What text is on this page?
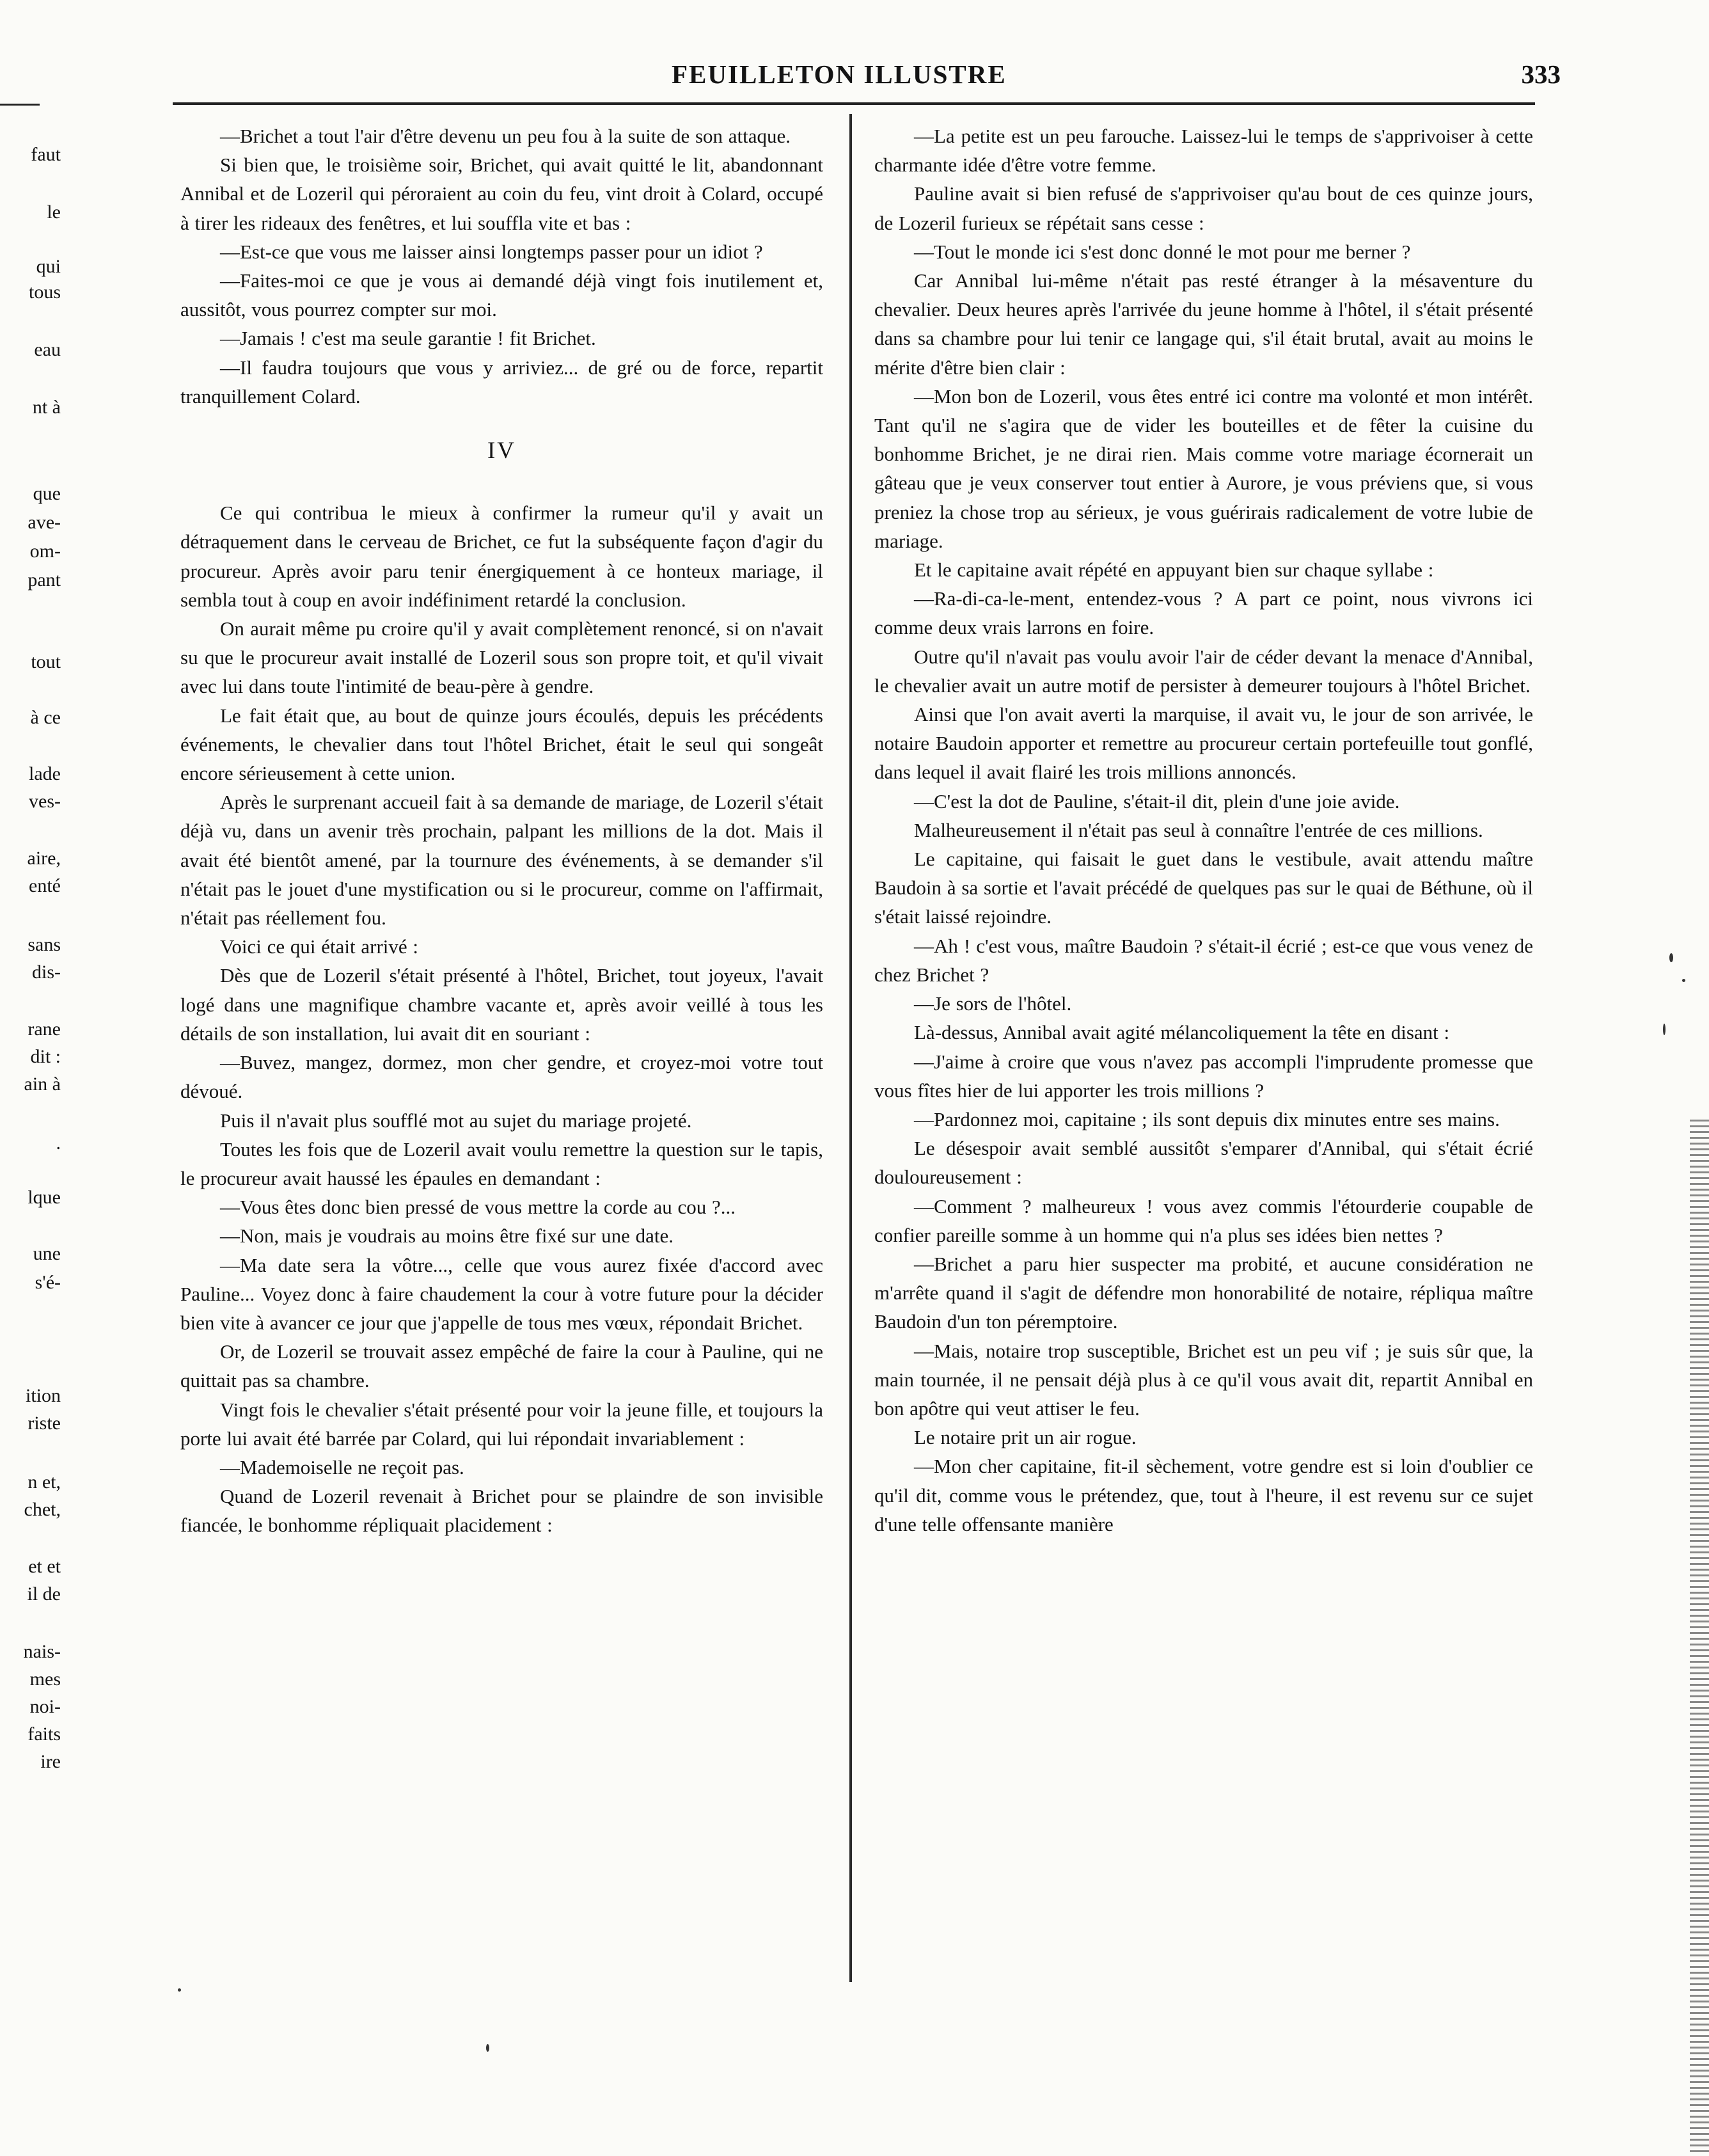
FEUILLETON ILLUSTRE	333
faut
le
qui
tous
eau
nt à
que
ave-
om-
pant
tout
à ce
lade
ves-
aire,
enté
sans
dis-
rane
dit :
ain à
.
lque
une
s'é-
ition
riste
n et,
chet,
et et
il de
nais-
mes
noi-
faits
ire

—Brichet a tout l'air d'être devenu un peu fou à la suite de son attaque.

Si bien que, le troisième soir, Brichet, qui avait quitté le lit, abandonnant Annibal et de Lozeril qui péroraient au coin du feu, vint droit à Colard, occupé à tirer les rideaux des fenêtres, et lui souffla vite et bas :

—Est-ce que vous me laisser ainsi longtemps passer pour un idiot ?

—Faites-moi ce que je vous ai demandé déjà vingt fois inutilement et, aussitôt, vous pourrez compter sur moi.

—Jamais ! c'est ma seule garantie ! fit Brichet.

—Il faudra toujours que vous y arriviez... de gré ou de force, repartit tranquillement Colard.

IV

Ce qui contribua le mieux à confirmer la rumeur qu'il y avait un détraquement dans le cerveau de Brichet, ce fut la subséquente façon d'agir du procureur. Après avoir paru tenir énergiquement à ce honteux mariage, il sembla tout à coup en avoir indéfiniment retardé la conclusion.

On aurait même pu croire qu'il y avait complètement renoncé, si on n'avait su que le procureur avait installé de Lozeril sous son propre toit, et qu'il vivait avec lui dans toute l'intimité de beau-père à gendre.

Le fait était que, au bout de quinze jours écoulés, depuis les précédents événements, le chevalier dans tout l'hôtel Brichet, était le seul qui songeât encore sérieusement à cette union.

Après le surprenant accueil fait à sa demande de mariage, de Lozeril s'était déjà vu, dans un avenir très prochain, palpant les millions de la dot. Mais il avait été bientôt amené, par la tournure des événements, à se demander s'il n'était pas le jouet d'une mystification ou si le procureur, comme on l'affirmait, n'était pas réellement fou.

Voici ce qui était arrivé :

Dès que de Lozeril s'était présenté à l'hôtel, Brichet, tout joyeux, l'avait logé dans une magnifique chambre vacante et, après avoir veillé à tous les détails de son installation, lui avait dit en souriant :

—Buvez, mangez, dormez, mon cher gendre, et croyez-moi votre tout dévoué.

Puis il n'avait plus soufflé mot au sujet du mariage projeté.

Toutes les fois que de Lozeril avait voulu remettre la question sur le tapis, le procureur avait haussé les épaules en demandant :

—Vous êtes donc bien pressé de vous mettre la corde au cou ?...

—Non, mais je voudrais au moins être fixé sur une date.

—Ma date sera la vôtre..., celle que vous aurez fixée d'accord avec Pauline... Voyez donc à faire chaudement la cour à votre future pour la décider bien vite à avancer ce jour que j'appelle de tous mes vœux, répondait Brichet.

Or, de Lozeril se trouvait assez empêché de faire la cour à Pauline, qui ne quittait pas sa chambre.

Vingt fois le chevalier s'était présenté pour voir la jeune fille, et toujours la porte lui avait été barrée par Colard, qui lui répondait invariablement :

—Mademoiselle ne reçoit pas.

Quand de Lozeril revenait à Brichet pour se plaindre de son invisible fiancée, le bonhomme répliquait placidement :

—La petite est un peu farouche. Laissez-lui le temps de s'apprivoiser à cette charmante idée d'être votre femme.

Pauline avait si bien refusé de s'apprivoiser qu'au bout de ces quinze jours, de Lozeril furieux se répétait sans cesse :

—Tout le monde ici s'est donc donné le mot pour me berner ?

Car Annibal lui-même n'était pas resté étranger à la mésaventure du chevalier. Deux heures après l'arrivée du jeune homme à l'hôtel, il s'était présenté dans sa chambre pour lui tenir ce langage qui, s'il était brutal, avait au moins le mérite d'être bien clair :

—Mon bon de Lozeril, vous êtes entré ici contre ma volonté et mon intérêt. Tant qu'il ne s'agira que de vider les bouteilles et de fêter la cuisine du bonhomme Brichet, je ne dirai rien. Mais comme votre mariage écornerait un gâteau que je veux conserver tout entier à Aurore, je vous préviens que, si vous preniez la chose trop au sérieux, je vous guérirais radicalement de votre lubie de mariage.

Et le capitaine avait répété en appuyant bien sur chaque syllabe :

—Ra-di-ca-le-ment, entendez-vous ? A part ce point, nous vivrons ici comme deux vrais larrons en foire.

Outre qu'il n'avait pas voulu avoir l'air de céder devant la menace d'Annibal, le chevalier avait un autre motif de persister à demeurer toujours à l'hôtel Brichet.

Ainsi que l'on avait averti la marquise, il avait vu, le jour de son arrivée, le notaire Baudoin apporter et remettre au procureur certain portefeuille tout gonflé, dans lequel il avait flairé les trois millions annoncés.

—C'est la dot de Pauline, s'était-il dit, plein d'une joie avide.

Malheureusement il n'était pas seul à connaître l'entrée de ces millions.

Le capitaine, qui faisait le guet dans le vestibule, avait attendu maître Baudoin à sa sortie et l'avait précédé de quelques pas sur le quai de Béthune, où il s'était laissé rejoindre.

—Ah ! c'est vous, maître Baudoin ? s'était-il écrié ; est-ce que vous venez de chez Brichet ?

—Je sors de l'hôtel.

Là-dessus, Annibal avait agité mélancoliquement la tête en disant :

—J'aime à croire que vous n'avez pas accompli l'imprudente promesse que vous fîtes hier de lui apporter les trois millions ?

—Pardonnez moi, capitaine ; ils sont depuis dix minutes entre ses mains.

Le désespoir avait semblé aussitôt s'emparer d'Annibal, qui s'était écrié douloureusement :

—Comment ? malheureux ! vous avez commis l'étourderie coupable de confier pareille somme à un homme qui n'a plus ses idées bien nettes ?

—Brichet a paru hier suspecter ma probité, et aucune considération ne m'arrête quand il s'agit de défendre mon honorabilité de notaire, répliqua maître Baudoin d'un ton péremptoire.

—Mais, notaire trop susceptible, Brichet est un peu vif ; je suis sûr que, la main tournée, il ne pensait déjà plus à ce qu'il vous avait dit, repartit Annibal en bon apôtre qui veut attiser le feu.

Le notaire prit un air rogue.

—Mon cher capitaine, fit-il sèchement, votre gendre est si loin d'oublier ce qu'il dit, comme vous le prétendez, que, tout à l'heure, il est revenu sur ce sujet d'une telle offensante manière
